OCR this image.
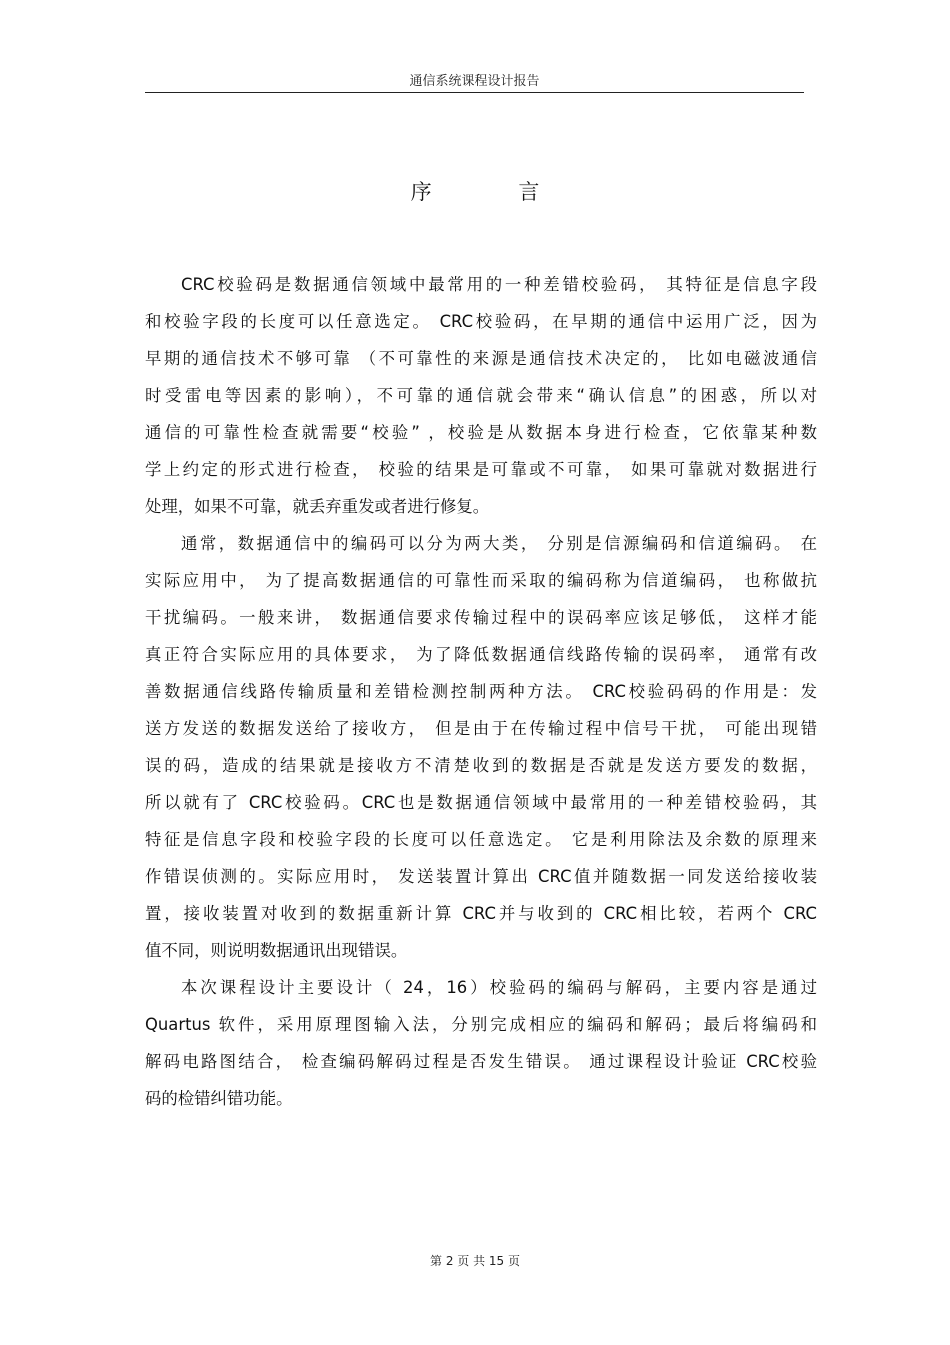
通信系统课程设计报告
序 言
CRC校验码是数据通信领域中最常用的一种差错校验码， 其特征是信息字段
和校验字段的长度可以任意选定。 CRC校验码，在早期的通信中运用广泛，因为
早期的通信技术不够可靠 （不可靠性的来源是通信技术决定的， 比如电磁波通信
时受雷电等因素的影响），不可靠的通信就会带来“确认信息”的困惑，所以对
通信的可靠性检查就需要“校验” ，校验是从数据本身进行检查，它依靠某种数
学上约定的形式进行检查， 校验的结果是可靠或不可靠， 如果可靠就对数据进行
处理，如果不可靠，就丢弃重发或者进行修复。
通常，数据通信中的编码可以分为两大类， 分别是信源编码和信道编码。 在
实际应用中， 为了提高数据通信的可靠性而采取的编码称为信道编码， 也称做抗
干扰编码。一般来讲， 数据通信要求传输过程中的误码率应该足够低， 这样才能
真正符合实际应用的具体要求， 为了降低数据通信线路传输的误码率， 通常有改
善数据通信线路传输质量和差错检测控制两种方法。 CRC校验码码的作用是：发
送方发送的数据发送给了接收方， 但是由于在传输过程中信号干扰， 可能出现错
误的码，造成的结果就是接收方不清楚收到的数据是否就是发送方要发的数据，
所以就有了 CRC校验码。CRC也是数据通信领域中最常用的一种差错校验码，其
特征是信息字段和校验字段的长度可以任意选定。 它是利用除法及余数的原理来
作错误侦测的。实际应用时， 发送装置计算出 CRC值并随数据一同发送给接收装
置，接收装置对收到的数据重新计算 CRC并与收到的 CRC相比较，若两个 CRC
值不同，则说明数据通讯出现错误。
本次课程设计主要设计（ 24，16）校验码的编码与解码，主要内容是通过
Quartus 软件，采用原理图输入法，分别完成相应的编码和解码；最后将编码和
解码电路图结合， 检查编码解码过程是否发生错误。 通过课程设计验证 CRC校验
码的检错纠错功能。
第 2 页 共 15 页
